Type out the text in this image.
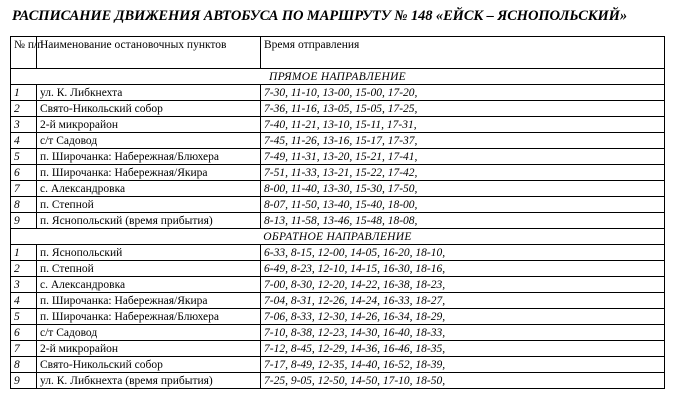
РАСПИСАНИЕ ДВИЖЕНИЯ АВТОБУСА ПО МАРШРУТУ № 148 «ЕЙСК – ЯСНОПОЛЬСКИЙ»
№ п/п	Наименование остановочных пунктов	Время отправления
ПРЯМОЕ НАПРАВЛЕНИЕ		
1	ул. К. Либкнехта	7-30, 11-10, 13-00, 15-00, 17-20,
2	Свято-Никольский собор	7-36, 11-16, 13-05, 15-05, 17-25,
3	2-й микрорайон	7-40, 11-21, 13-10, 15-11, 17-31,
4	с/т Садовод	7-45, 11-26, 13-16, 15-17, 17-37,
5	п. Широчанка: Набережная/Блюхера	7-49, 11-31, 13-20, 15-21, 17-41,
6	п. Широчанка: Набережная/Якира	7-51, 11-33, 13-21, 15-22, 17-42,
7	с. Александровка	8-00, 11-40, 13-30, 15-30, 17-50,
8	п. Степной	8-07, 11-50, 13-40, 15-40, 18-00,
9	п. Яснопольский (время прибытия)	8-13, 11-58, 13-46, 15-48, 18-08,
ОБРАТНОЕ НАПРАВЛЕНИЕ		
1	п. Яснопольский	6-33, 8-15, 12-00, 14-05, 16-20, 18-10,
2	п. Степной	6-49, 8-23, 12-10, 14-15, 16-30, 18-16,
3	с. Александровка	7-00, 8-30, 12-20, 14-22, 16-38, 18-23,
4	п. Широчанка: Набережная/Якира	7-04, 8-31, 12-26, 14-24, 16-33, 18-27,
5	п. Широчанка: Набережная/Блюхера	7-06, 8-33, 12-30, 14-26, 16-34, 18-29,
6	с/т Садовод	7-10, 8-38, 12-23, 14-30, 16-40, 18-33,
7	2-й микрорайон	7-12, 8-45, 12-29, 14-36, 16-46, 18-35,
8	Свято-Никольский собор	7-17, 8-49, 12-35, 14-40, 16-52, 18-39,
9	ул. К. Либкнехта (время прибытия)	7-25, 9-05, 12-50, 14-50, 17-10, 18-50,
